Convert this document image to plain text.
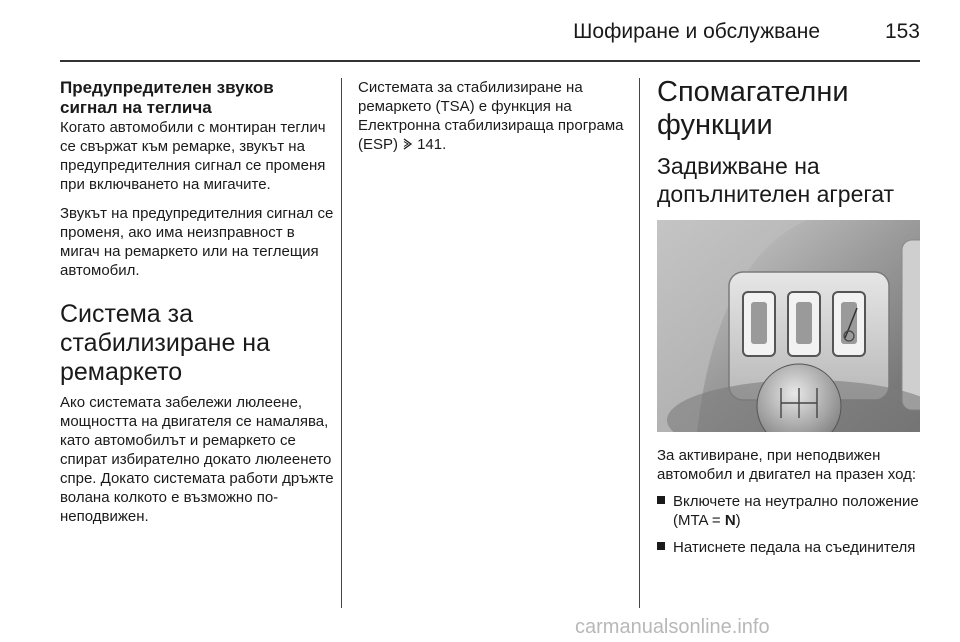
Шофиране и обслужване	153

Предупредителен звуков сигнал на теглича

Когато автомобили с монтиран теглич се свържат към ремарке, звукът на предупредителния сигнал се променя при включването на мигачите.

Звукът на предупредителния сигнал се променя, ако има неизправност в мигач на ремаркето или на теглещия автомобил.

Система за стабилизиране на ремаркето

Ако системата забележи люлеене, мощността на двигателя се намалява, като автомобилът и ремаркето се спират избирателно докато люлеенето спре. Докато системата работи дръжте волана колкото е възможно по-неподвижен.

Системата за стабилизиране на ремаркето (TSA) е функция на Електронна стабилизираща програма (ESP) 141.

Спомагателни функции

Задвижване на допълнителен агрегат

За активиране, при неподвижен автомобил и двигател на празен ход:

Включете на неутрално положение (MTA = N)
Натиснете педала на съединителя
carmanualsonline.info
